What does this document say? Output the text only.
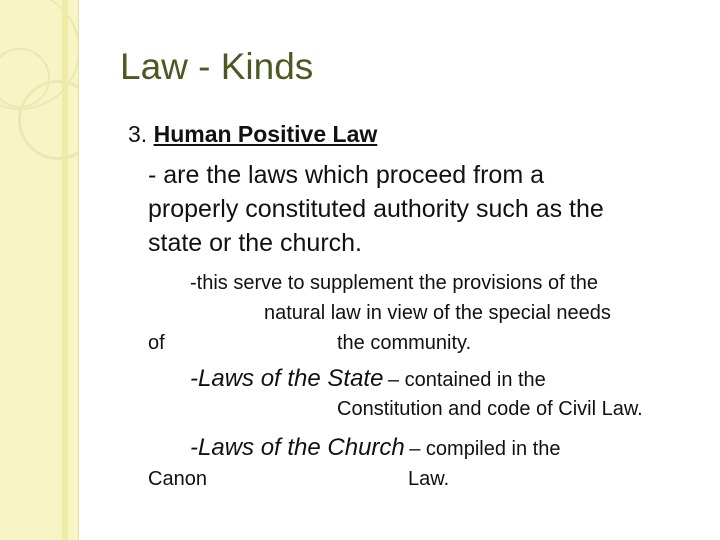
Law - Kinds

3. Human Positive Law

- are the laws which proceed from a

properly constituted authority such as the

state or the church.

-this serve to supplement the provisions of the

natural law in view of the special needs

of	the community.

-Laws of the State – contained in the

Constitution and code of Civil Law.

-Laws of the Church – compiled in the

Canon	Law.
